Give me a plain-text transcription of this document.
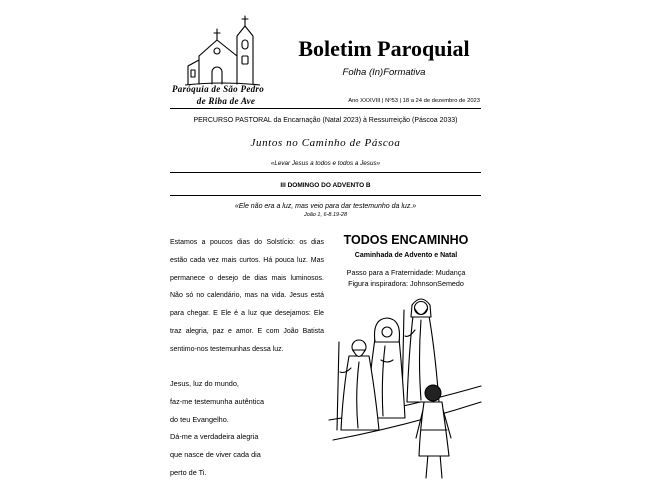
Paróquia de São Pedro
de Riba de Ave
Boletim Paroquial
Folha (In)Formativa
Ano XXXVIII | Nº53 | 18 a 24 de dezembro de 2023
PERCURSO PASTORAL da Encarnação (Natal 2023) à Ressurreição (Páscoa 2033)
Juntos no Caminho de Páscoa
«Levar Jesus a todos e todos a Jesus»
III DOMINGO DO ADVENTO B
«Ele não era a luz, mas veio para dar testemunho da luz.»
João 1, 6-8.19-28
Estamos a poucos dias do Solstício: os dias
estão cada vez mais curtos. Há pouca luz. Mas
permanece o desejo de dias mais luminosos.
Não só no calendário, mas na vida. Jesus está
para chegar. E Ele é a luz que desejamos: Ele
traz alegria, paz e amor. E com João Batista
sentimo-nos testemunhas dessa luz.
Jesus, luz do mundo,
faz-me testemunha autêntica
do teu Evangelho.
Dá-me a verdadeira alegria
que nasce de viver cada dia
perto de Ti.
TODOS ENCAMINHO
Caminhada de Advento e Natal
Passo para a Fraternidade: Mudança
Figura inspiradora: JohnsonSemedo
